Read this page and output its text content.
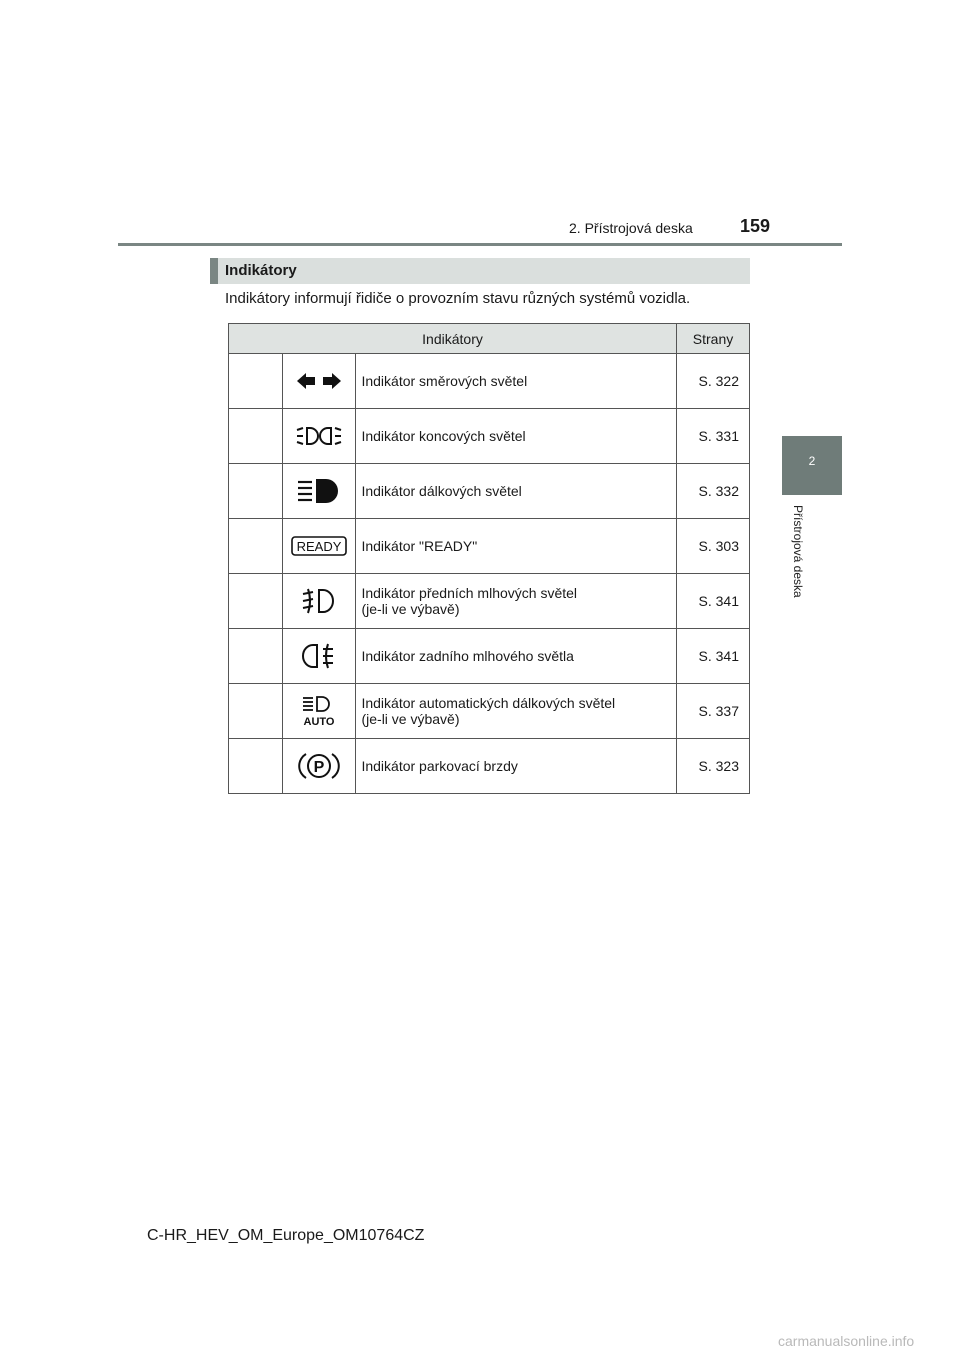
2. Přístrojová deska	159
2
Přístrojová deska
Indikátory
Indikátory informují řidiče o provozním stavu různých systémů vozidla.
Indikátory			Strany

	Indikátor směrových světel	S. 322

	Indikátor koncových světel	S. 331

	Indikátor dálkových světel	S. 332

READY	Indikátor "READY"	S. 303

	Indikátor předních mlhových světel
(je-li ve výbavě)	S. 341

	Indikátor zadního mlhového světla	S. 341

AUTO	Indikátor automatických dálkových světel
(je-li ve výbavě)	S. 337

P	Indikátor parkovací brzdy	S. 323
C-HR_HEV_OM_Europe_OM10764CZ
carmanualsonline.info
